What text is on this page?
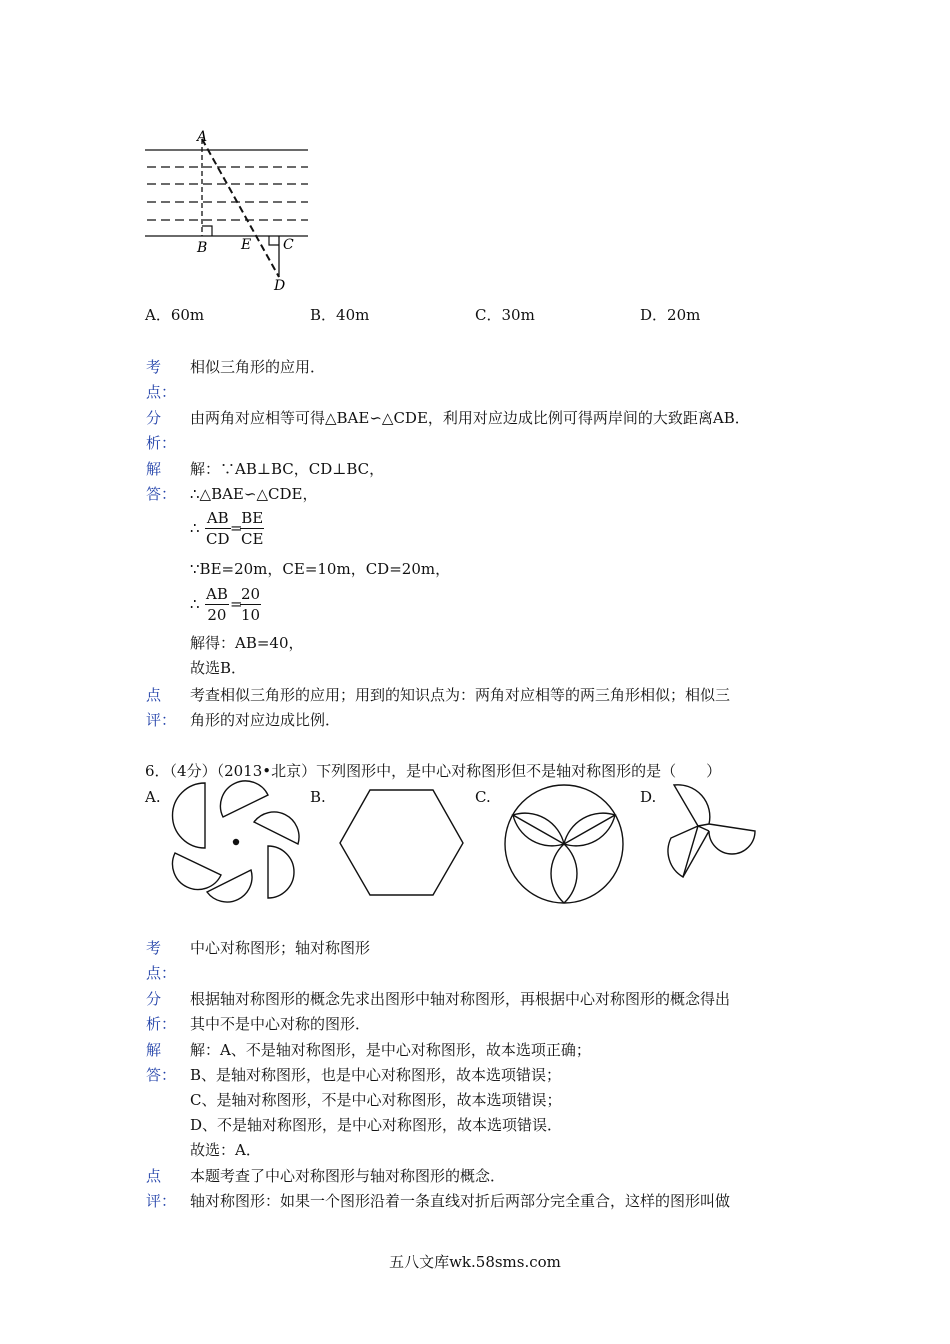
A
B E C
D
A．60m	B．40m	C．30m	D．20m
考
点：
相似三角形的应用．
分
析：
由两角对应相等可得△BAE∽△CDE，利用对应边成比例可得两岸间的大致距离AB．
解
答：
解：∵AB⊥BC，CD⊥BC，
∴△BAE∽△CDE，
∴ $\frac{AB}{CD}$ =
$\frac{BE}{CE}$
∵BE=20m，CE=10m，CD=20m，
∴ $\frac{AB}{20}$ =
$\frac{20}{10}$
解得：AB=40，
故选B．
点
评：
考查相似三角形的应用；用到的知识点为：两角对应相等的两三角形相似；相似三
角形的对应边成比例．
6．（4分）（2013•北京）下列图形中，是中心对称图形但不是轴对称图形的是（　　）
A.	B.	C.	D.
考
点：
中心对称图形；轴对称图形
分
析：
根据轴对称图形的概念先求出图形中轴对称图形，再根据中心对称图形的概念得出
其中不是中心对称的图形．
解
答：
解：A、不是轴对称图形，是中心对称图形，故本选项正确；
B、是轴对称图形，也是中心对称图形，故本选项错误；
C、是轴对称图形，不是中心对称图形，故本选项错误；
D、不是轴对称图形，是中心对称图形，故本选项错误．
故选：A．
点
评：
本题考查了中心对称图形与轴对称图形的概念．
轴对称图形：如果一个图形沿着一条直线对折后两部分完全重合，这样的图形叫做
五八文库wk.58sms.com
